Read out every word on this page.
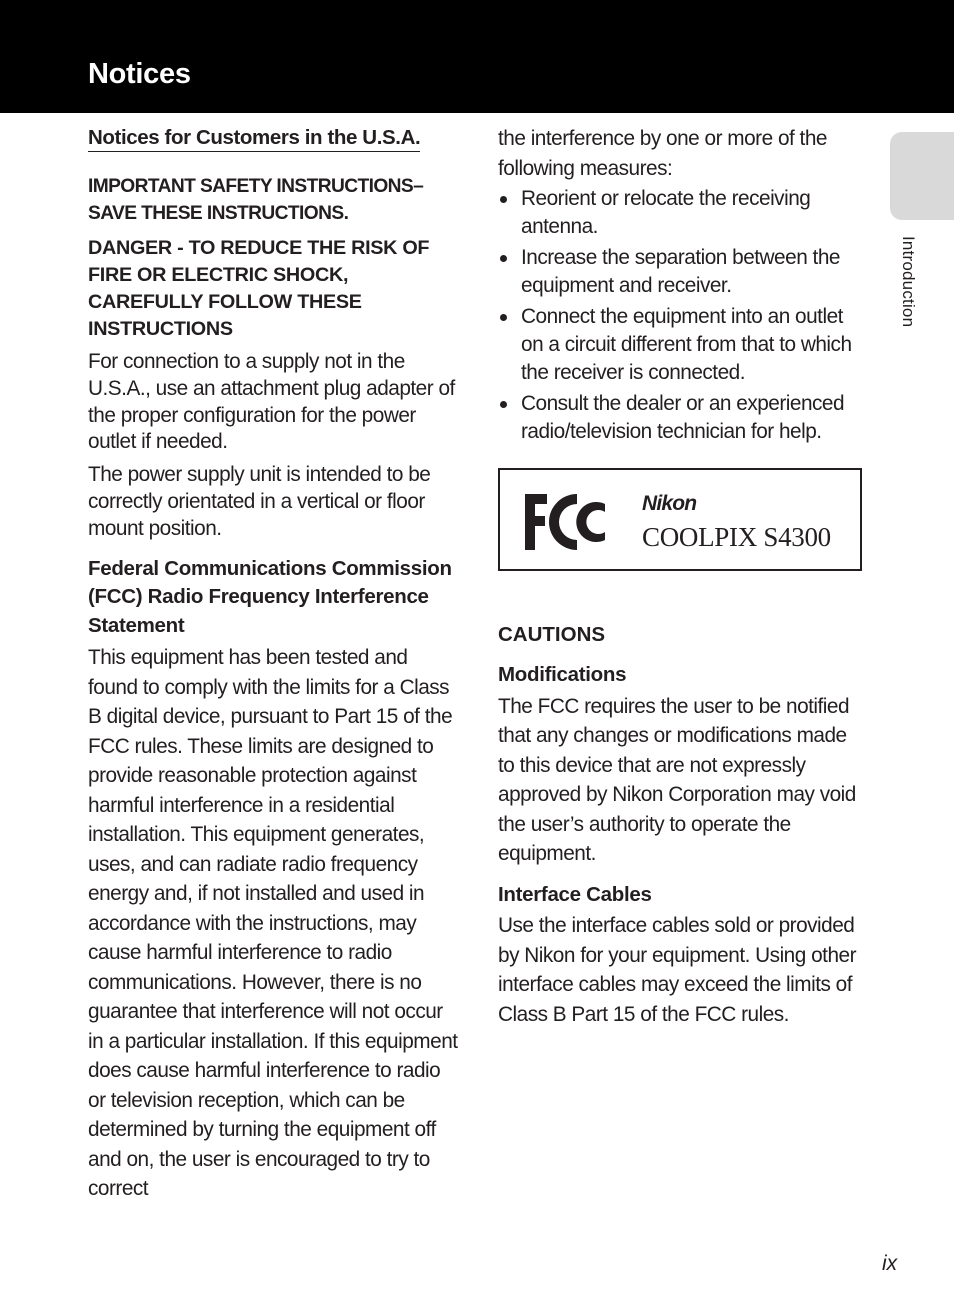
Notices
Introduction
Notices for Customers in the U.S.A.
IMPORTANT SAFETY INSTRUCTIONS–
SAVE THESE INSTRUCTIONS.
DANGER - TO REDUCE THE RISK OF FIRE OR ELECTRIC SHOCK, CAREFULLY FOLLOW THESE INSTRUCTIONS

For connection to a supply not in the U.S.A., use an attachment plug adapter of the proper configuration for the power outlet if needed.

The power supply unit is intended to be correctly orientated in a vertical or floor mount position.

Federal Communications Commission (FCC) Radio Frequency Interference Statement

This equipment has been tested and found to comply with the limits for a Class B digital device, pursuant to Part 15 of the FCC rules. These limits are designed to provide reasonable protection against harmful interference in a residential installation. This equipment generates, uses, and can radiate radio frequency energy and, if not installed and used in accordance with the instructions, may cause harmful interference to radio communications. However, there is no guarantee that interference will not occur in a particular installation. If this equipment does cause harmful interference to radio or television reception, which can be determined by turning the equipment off and on, the user is encouraged to try to correct

the interference by one or more of the following measures:

Reorient or relocate the receiving antenna.
Increase the separation between the equipment and receiver.
Connect the equipment into an outlet on a circuit different from that to which the receiver is connected.
Consult the dealer or an experienced radio/television technician for help.
Nikon
COOLPIX S4300
CAUTIONS
Modifications

The FCC requires the user to be notified that any changes or modifications made to this device that are not expressly approved by Nikon Corporation may void the user’s authority to operate the equipment.

Interface Cables

Use the interface cables sold or provided by Nikon for your equipment. Using other interface cables may exceed the limits of Class B Part 15 of the FCC rules.

ix
